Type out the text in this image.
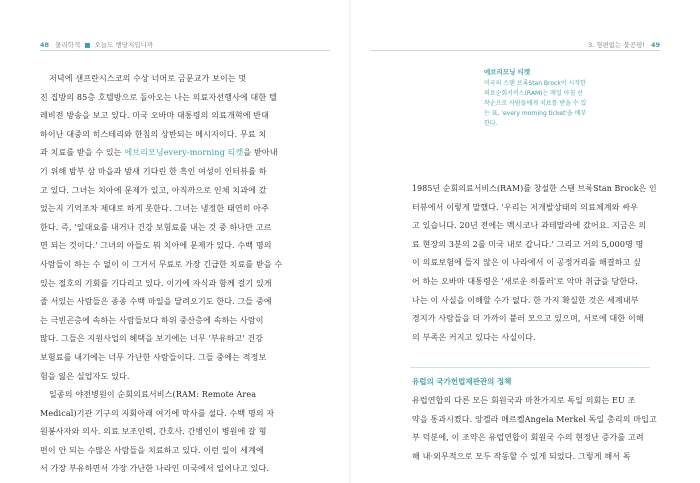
48 물리학적 ■ 오늘도 행당지입니까
저녁에 샌프란시스코의 수상 너머로 금문교가 보이는 멋
진 집방의 85층 호텔방으로 돌아오는 나는 의료자선행사에 대한 텔
레비전 방송을 보고 있다. 미국 오바마 대통령의 의료개혁에 반대
하이난 대중의 히스테리와 한침의 상반되는 메시지이다. 무료 치
과 치료를 받을 수 있는 에브리모닝every-morning 티켓을 받아내
기 위해 밤부 삼 마을과 밤새 기다린 한 흑인 여성이 인터뷰를 하
고 있다. 그녀는 치아에 문제가 있고, 아직까으로 인체 치과에 갔
었는지 기억조차 제대로 하게 못한다. 그녀는 냉정한 태연히 아주
한다. 즉, '일대요를 내거나 건강 보험료를 내는 것 중 하나만 고르
면 되는 것이다.' 그녀의 아들도 뭐 치아에 문제가 있다. 수백 명의
사람들이 하는 수 없이 이 그거서 무료로 가장 긴급한 치료를 받을 수
있는 절호의 기회를 기다리고 있다. 이기에 자식과 함께 걸기 있게
줄 서있는 사람들은 종종 수백 마일을 달려오기도 한다. 그들 중에
는 극빈곤층에 속하는 사람들보다 하위 중산층에 속하는 사람이
많다. 그들은 지원사업의 혜택을 보기에는 너무 '부유하고' 건강
보험료를 내기에는 너무 가난한 사람들이다. 그들 중에는 적정보
험을 잃은 실업자도 있다.
일종의 야전병원이 순회의료서비스(RAM: Remote Area
Medical)기관 기구의 지회아래 여기에 막사를 설다. 수백 명의 자
원봉사자와 의사. 의료 보조인력, 간호사. 간병인이 병원에 갈 형
편이 안 되는 수많은 사람들을 치료하고 있다. 이런 일이 세계에
서 가장 부유하면서 가장 가난한 나라인 미국에서 일어나고 있다.
3. 형편없는 불공평! 49
에브리모닝 티켓
미국의 스탠 브록Stan Brock이 시작한
의료순회서비스(RAM)는 매일 아침 선
착순으로 사람들에게 치료를 받을 수 있
는 표, 'every morning ticket'을 배부
한다.
1985년 순회의료서비스(RAM)를 창설한 스탠 브록Stan Brock은 인
터뷰에서 이렇게 말했다. '우리는 저개발상태의 의료체계와 싸우
고 있습니다. 20년 전에는 멕시코나 과테말라에 갔어요. 지금은 의
료 현장의 3분의 2를 미국 내로 갑니다.' 그리고 거의 5,000명 명
이 의료보험에 들지 않은 이 나라에서 이 공정거리를 해결하고 싶
어 하는 오바마 대통령은 '새로운 히틀러'로 악마 취급을 당한다.
나는 이 사실을 이해할 수가 없다. 한 가지 확실한 것은 세계내부
경지가 사람들을 더 가까이 붙러 모으고 있으며, 서로에 대한 이해
의 부족은 커지고 있다는 사실이다.
유럽의 국가헌법재판관의 정책
유럽연합의 다른 모든 회원국과 마찬가지로 독일 의회는 EU 조
약을 통과시켰다. 앙겔라 메르켈Angela Merkel 독일 총리의 마입고
부 덕분에, 이 조약은 유럽연합이 회원국 수의 현정난 증가를 고려
해 내·외무적으로 모두 작동할 수 있게 되었다. 그렇게 해서 독
